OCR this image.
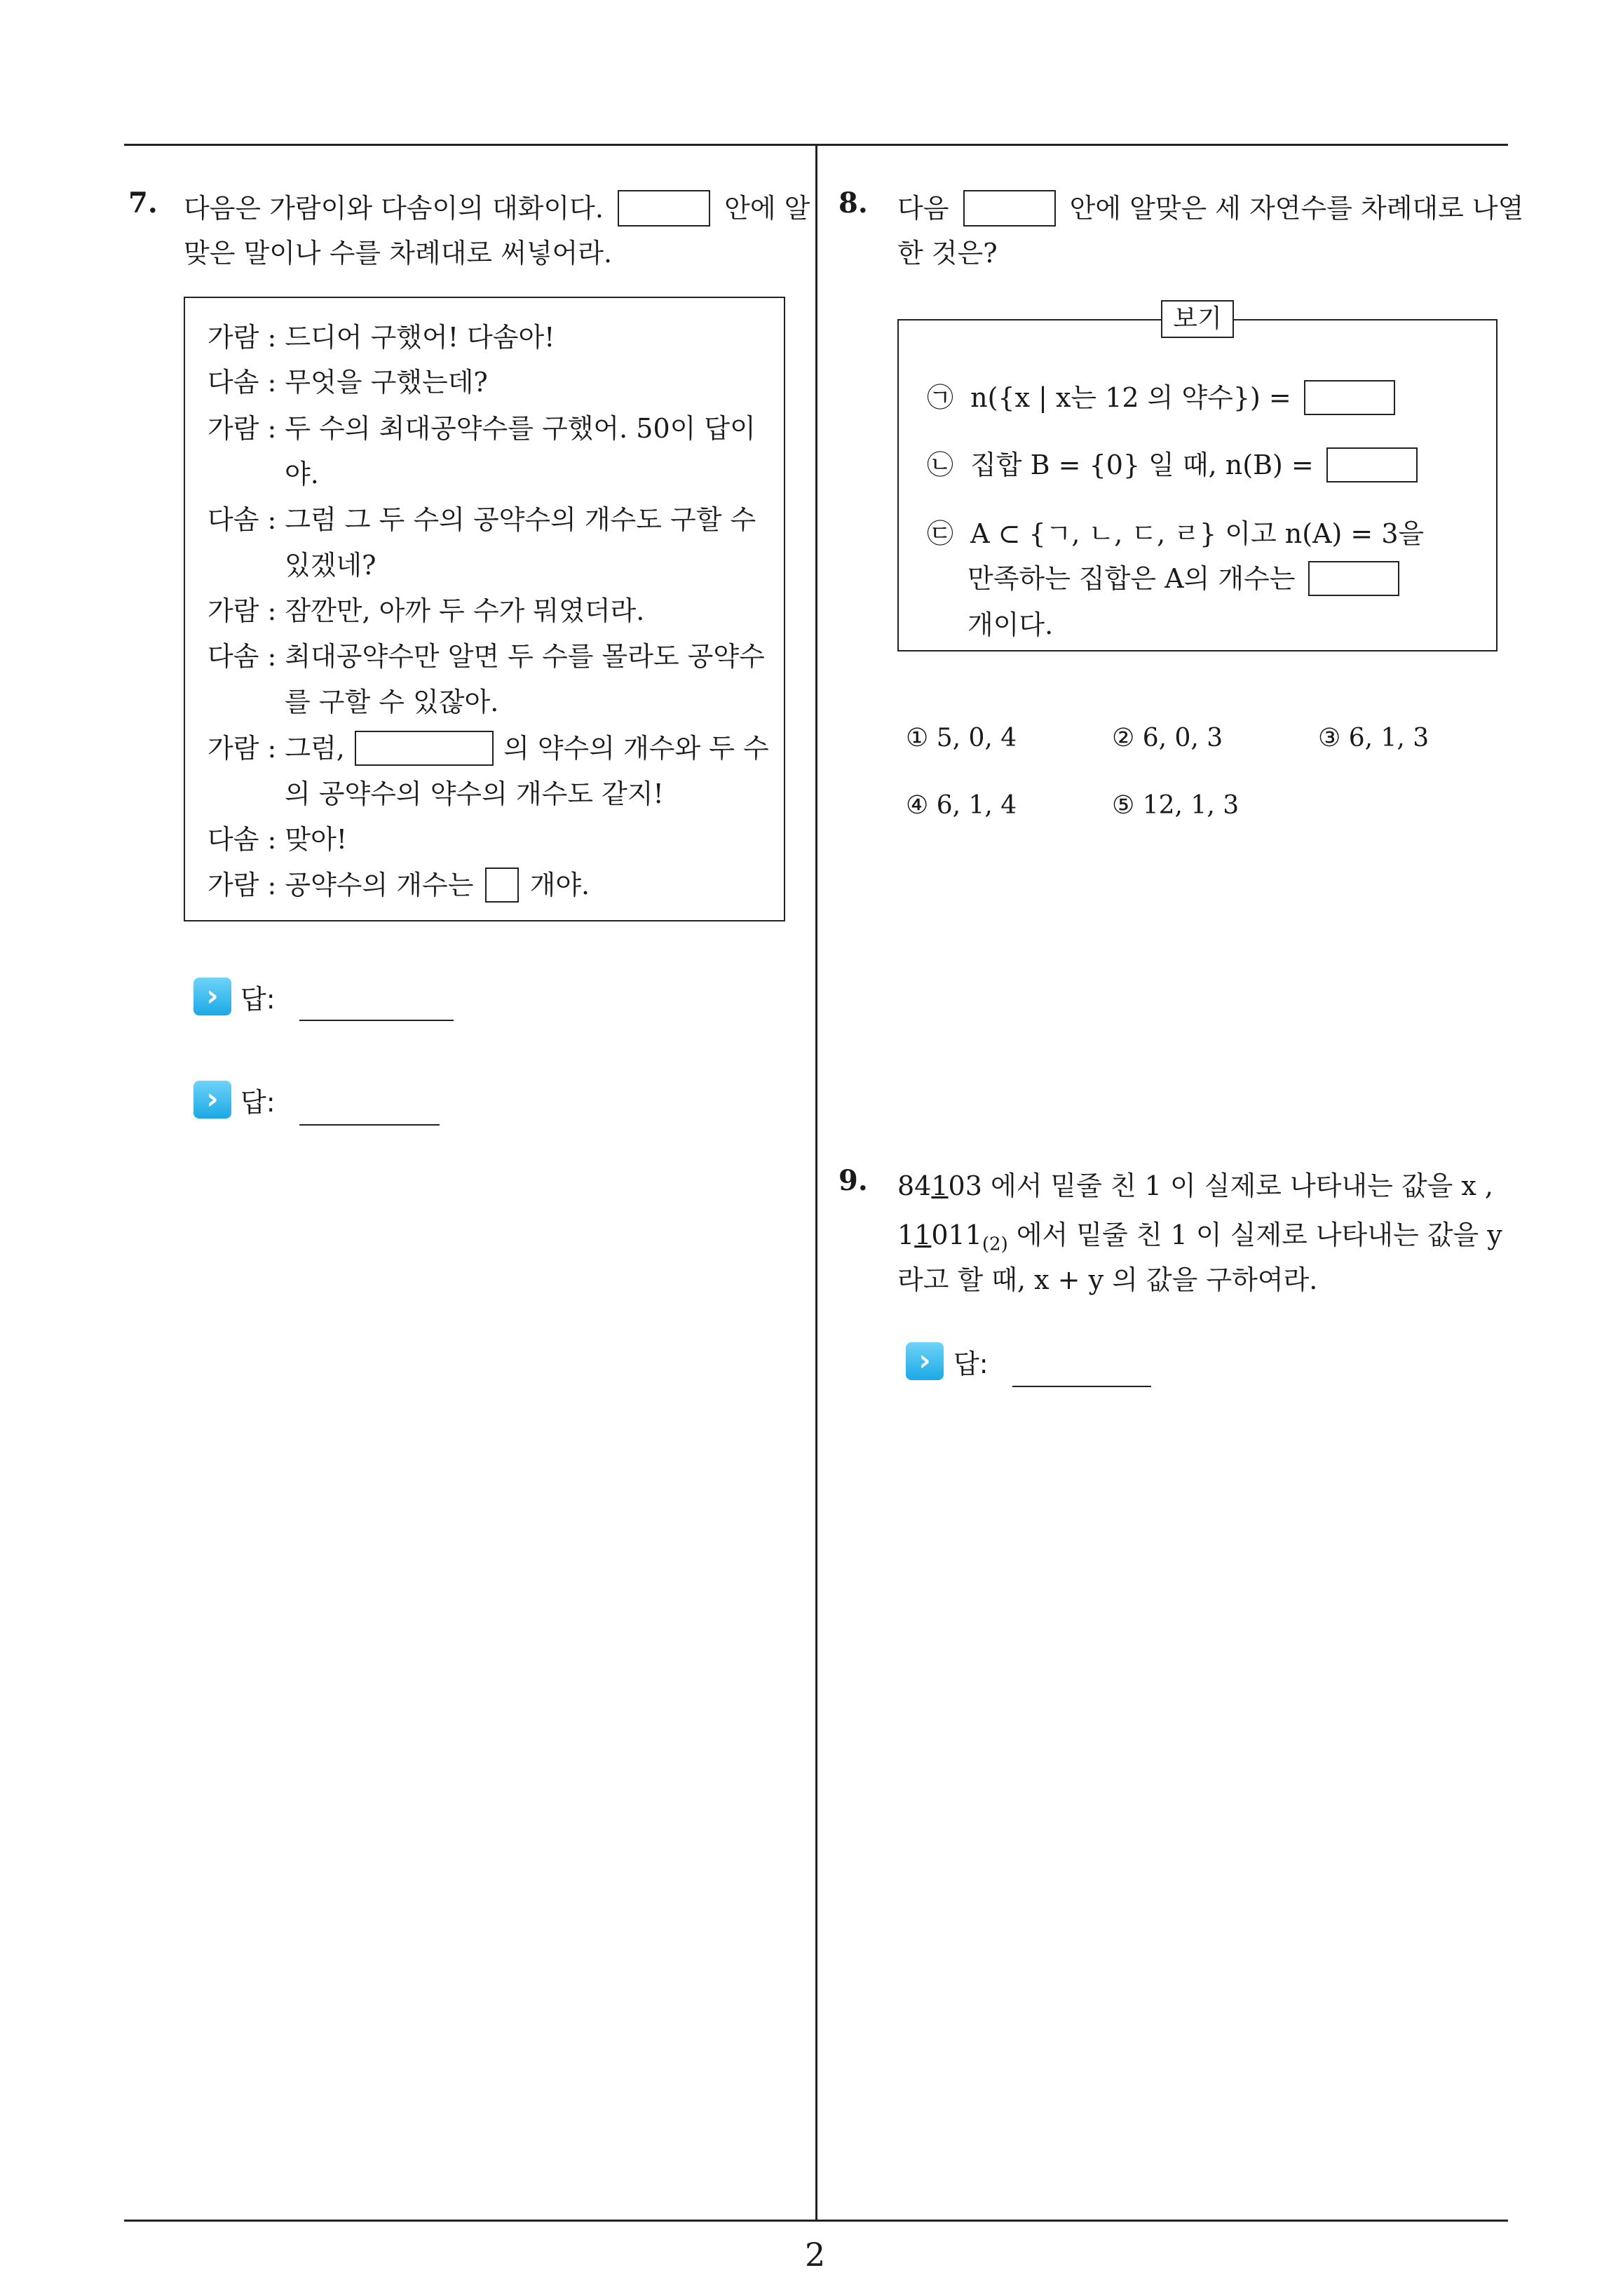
7. 다음은 가람이와 다솜이의 대화이다.	안에 알
맞은 말이나 수를 차례대로 써넣어라.
가람 : 드디어 구했어! 다솜아!
다솜 : 무엇을 구했는데?
가람 : 두 수의 최대공약수를 구했어. 50이 답이
야.
다솜 : 그럼 그 두 수의 공약수의 개수도 구할 수
있겠네?
가람 : 잠깐만, 아까 두 수가 뭐였더라.
다솜 : 최대공약수만 알면 두 수를 몰라도 공약수
를 구할 수 있잖아.
가람 : 그럼,	의 약수의 개수와 두 수
의 공약수의 약수의 개수도 같지!
다솜 : 맞아!
가람 : 공약수의 개수는 개야.
› 답:
› 답:
8. 다음	안에 알맞은 세 자연수를 차례대로 나열
한 것은?
보기
㉠ n({x | x는 12 의 약수}) =
㉡ 집합 B = {0} 일 때, n(B) =
㉢ A ⊂ {ㄱ, ㄴ, ㄷ, ㄹ} 이고 n(A) = 3을
만족하는 집합은 A의 개수는
개이다.
① 5, 0, 4	② 6, 0, 3	③ 6, 1, 3
④ 6, 1, 4	⑤ 12, 1, 3
9. 84103 에서 밑줄 친 1 이 실제로 나타내는 값을 x ,
$11011_{(2)}$ 에서 밑줄 친 1 이 실제로 나타내는 값을 y
라고 할 때, x + y 의 값을 구하여라.
› 답:
2
